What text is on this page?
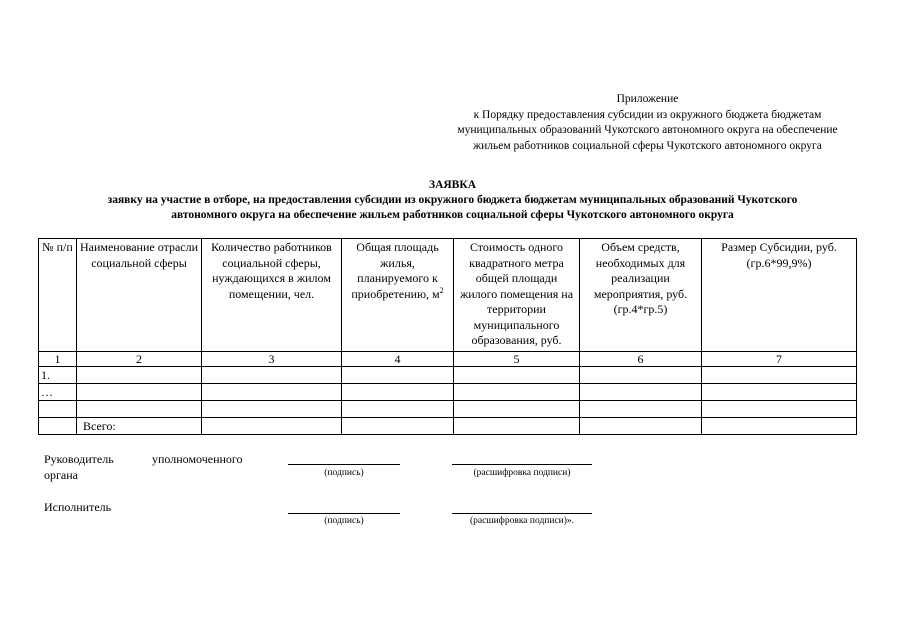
Приложение
к Порядку предоставления субсидии из окружного бюджета бюджетам
муниципальных образований Чукотского автономного округа на обеспечение
жильем работников социальной сферы Чукотского автономного округа
ЗАЯВКА
заявку на участие в отборе, на предоставления субсидии из окружного бюджета бюджетам муниципальных образований Чукотского
автономного округа на обеспечение жильем работников социальной сферы Чукотского автономного округа
№ п/п	Наименование отрасли социальной сферы	Количество работников социальной сферы, нуждающихся в жилом помещении, чел.	Общая площадь жилья, планируемого к приобретению, $м^2$	Стоимость одного квадратного метра общей площади жилого помещения на территории муниципального образования, руб.	Объем средств, необходимых для реализации мероприятия, руб. (гр.4*гр.5)	Размер Субсидии, руб. (гр.6*99,9%)
1	2	3	4	5	6	7
1.						
…						

	Всего:					
Руководитель	уполномоченного
органа	(подпись)	(расшифровка подписи)
Исполнитель
(подпись)	(расшифровка подписи)».
